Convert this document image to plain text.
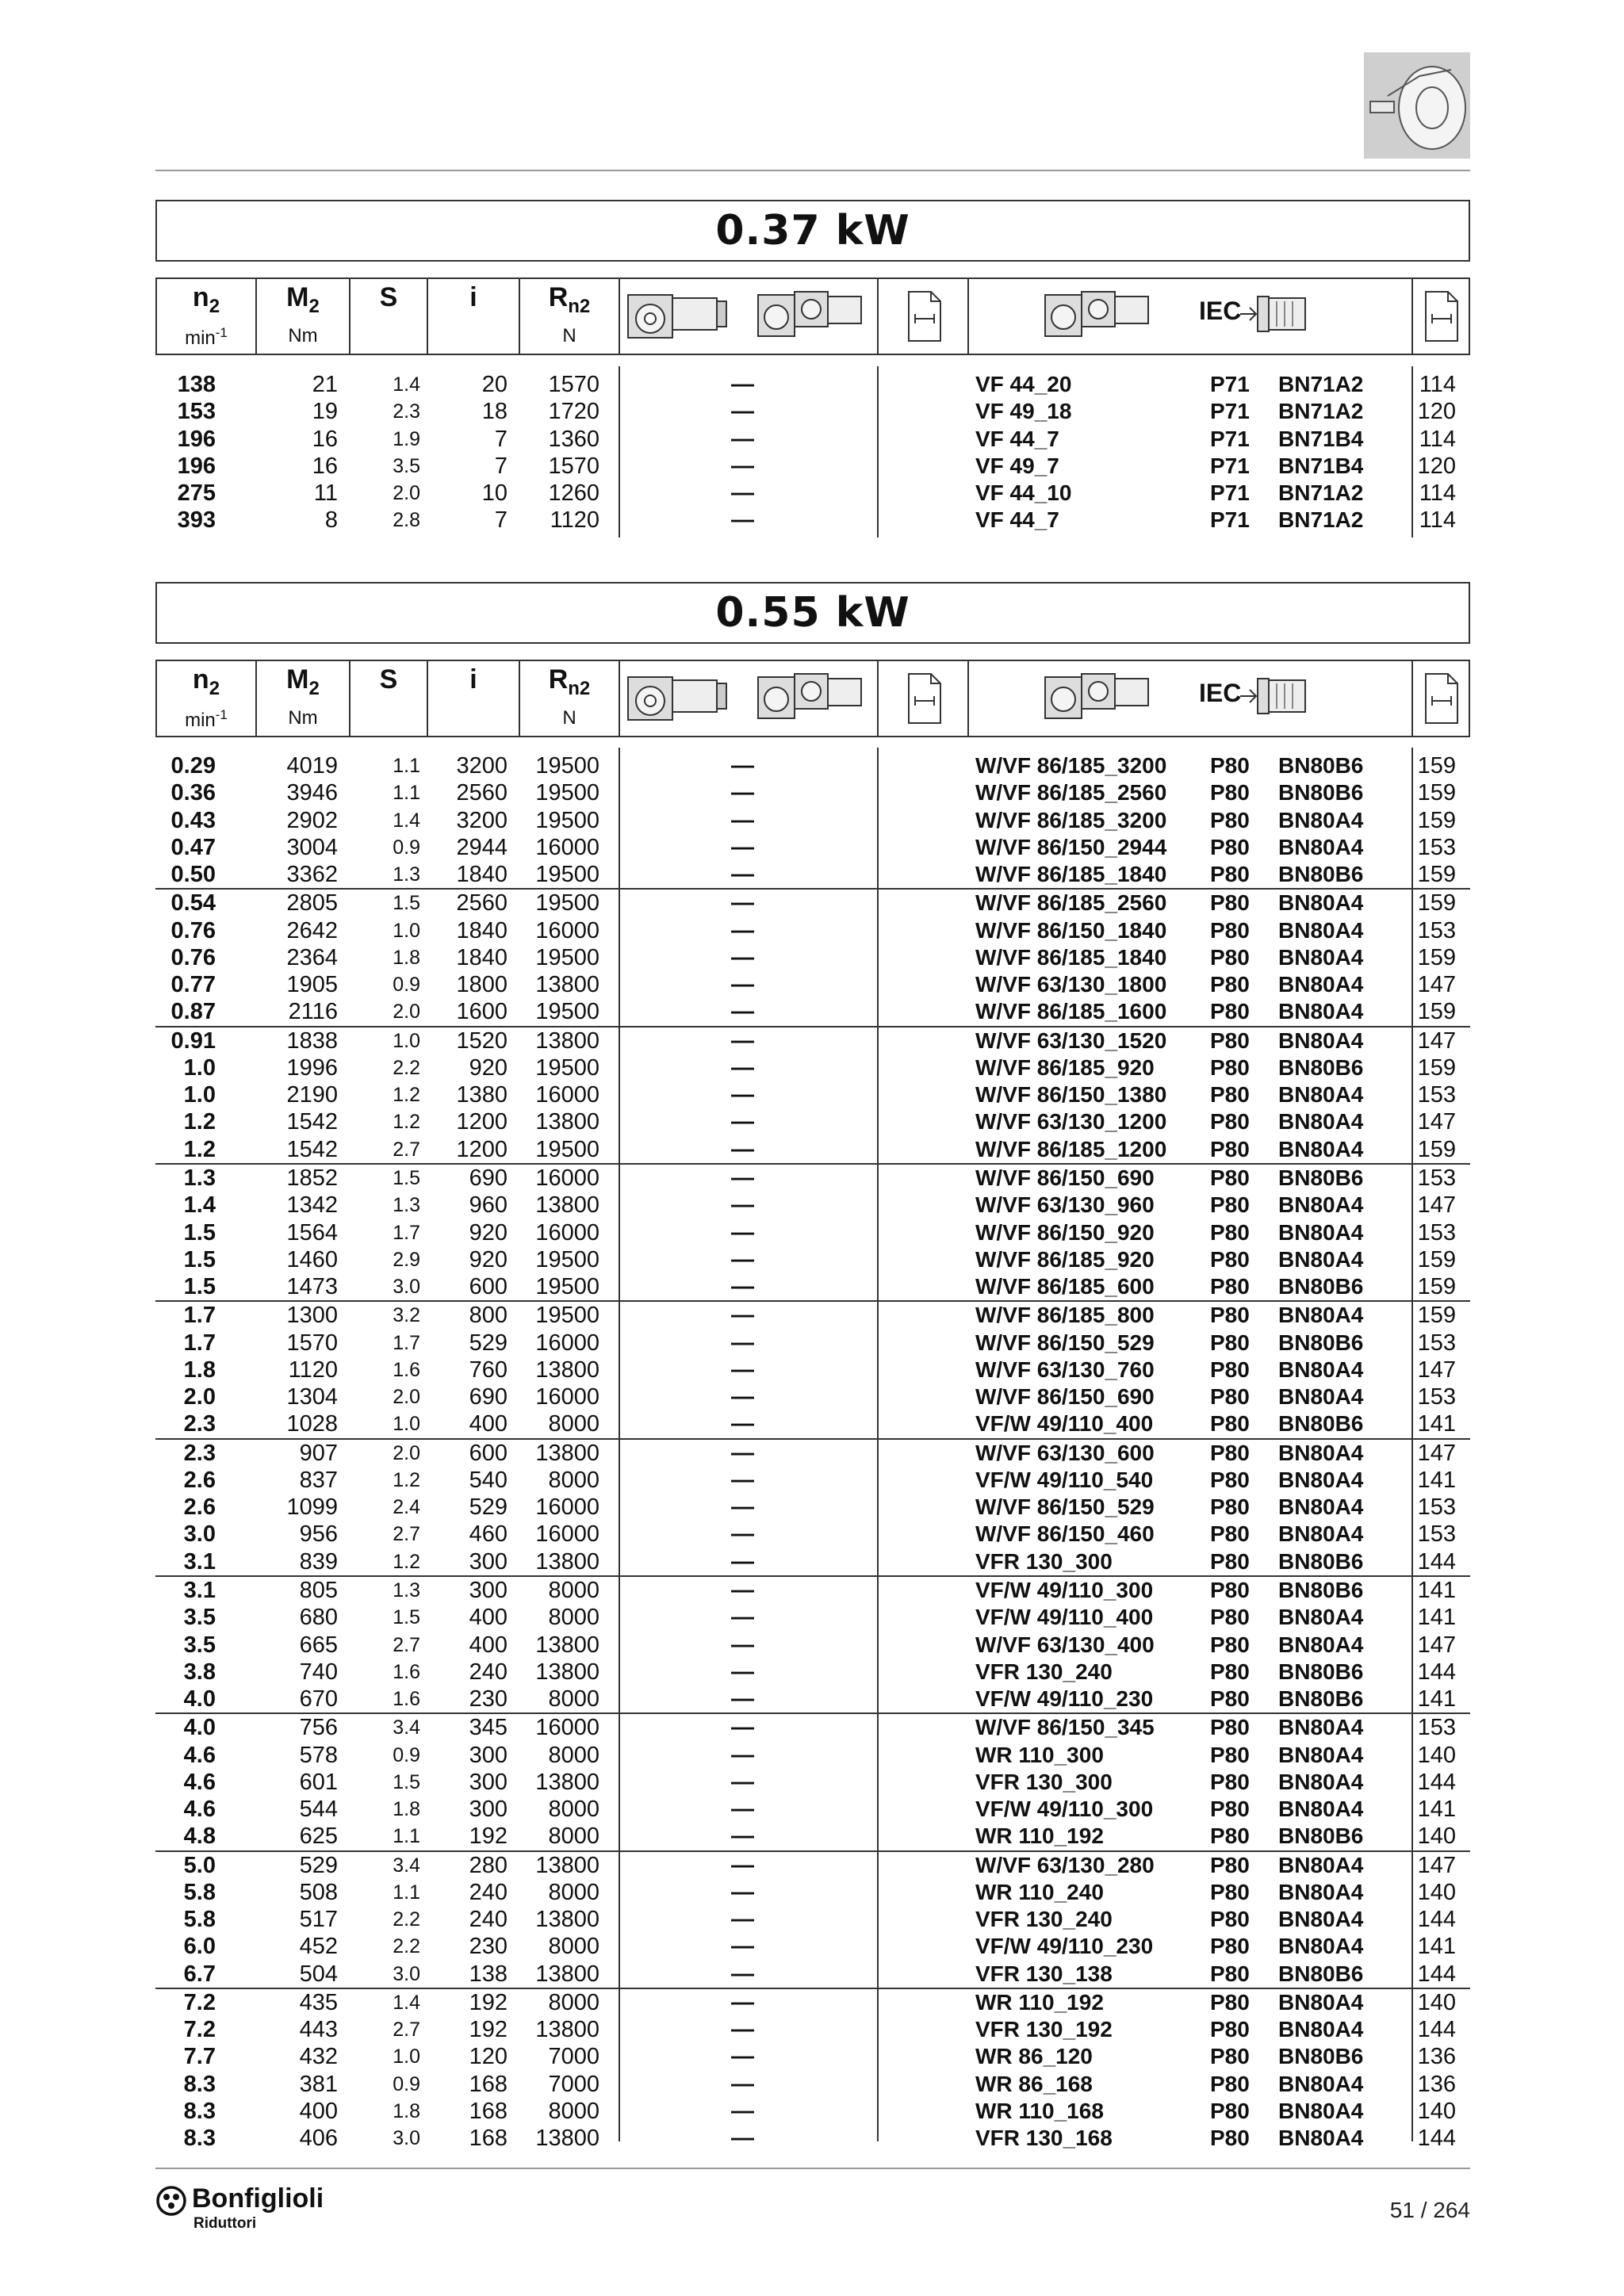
0.37 kW
$n_2$
$\min^{-1}$
$M_2$
Nm
S	i	$R_{n2}$
N
IEC
138	21	1.4	20 1570	—	VF 44_20	P71 BN71A2 114
153	19	2.3	18 1720	—	VF 49_18	P71 BN71A2 120
196	16	1.9	7 1360	—	VF 44_7	P71 BN71B4 114
196	16	3.5	7 1570	—	VF 49_7	P71 BN71B4 120
275	11	2.0	10 1260	—	VF 44_10	P71 BN71A2 114
393	8	2.8	7 1120	—	VF 44_7	P71 BN71A2 114
0.55 kW
$n_2$
$\min^{-1}$
$M_2$
Nm
S	i	$R_{n2}$
N
IEC
0.29	4019	1.1 3200 19500	—	W/VF 86/185_3200 P80 BN80B6 159
0.36	3946	1.1 2560 19500	—	W/VF 86/185_2560 P80 BN80B6 159
0.43	2902	1.4 3200 19500	—	W/VF 86/185_3200 P80 BN80A4 159
0.47	3004	0.9 2944 16000	—	W/VF 86/150_2944 P80 BN80A4 153
0.50	3362	1.3 1840 19500	—	W/VF 86/185_1840 P80 BN80B6 159
0.54	2805	1.5 2560 19500	—	W/VF 86/185_2560 P80 BN80A4 159
0.76	2642	1.0 1840 16000	—	W/VF 86/150_1840 P80 BN80A4 153
0.76	2364	1.8 1840 19500	—	W/VF 86/185_1840 P80 BN80A4 159
0.77	1905	0.9 1800 13800	—	W/VF 63/130_1800 P80 BN80A4 147
0.87	2116	2.0 1600 19500	—	W/VF 86/185_1600 P80 BN80A4 159
0.91	1838	1.0 1520 13800	—	W/VF 63/130_1520 P80 BN80A4 147
1.0	1996	2.2 920 19500	—	W/VF 86/185_920	P80 BN80B6 159
1.0	2190	1.2 1380 16000	—	W/VF 86/150_1380 P80 BN80A4 153
1.2	1542	1.2 1200 13800	—	W/VF 63/130_1200 P80 BN80A4 147
1.2	1542	2.7 1200 19500	—	W/VF 86/185_1200 P80 BN80A4 159
1.3	1852	1.5 690 16000	—	W/VF 86/150_690	P80 BN80B6 153
1.4	1342	1.3 960 13800	—	W/VF 63/130_960	P80 BN80A4 147
1.5	1564	1.7 920 16000	—	W/VF 86/150_920	P80 BN80A4 153
1.5	1460	2.9 920 19500	—	W/VF 86/185_920	P80 BN80A4 159
1.5	1473	3.0 600 19500	—	W/VF 86/185_600	P80 BN80B6 159
1.7	1300	3.2 800 19500	—	W/VF 86/185_800	P80 BN80A4 159
1.7	1570	1.7 529 16000	—	W/VF 86/150_529	P80 BN80B6 153
1.8	1120	1.6 760 13800	—	W/VF 63/130_760	P80 BN80A4 147
2.0	1304	2.0 690 16000	—	W/VF 86/150_690	P80 BN80A4 153
2.3	1028	1.0 400 8000	—	VF/W 49/110_400	P80 BN80B6 141
2.3	907	2.0 600 13800	—	W/VF 63/130_600	P80 BN80A4 147
2.6	837	1.2 540 8000	—	VF/W 49/110_540	P80 BN80A4 141
2.6	1099	2.4 529 16000	—	W/VF 86/150_529	P80 BN80A4 153
3.0	956	2.7 460 16000	—	W/VF 86/150_460	P80 BN80A4 153
3.1	839	1.2 300 13800	—	VFR 130_300	P80 BN80B6 144
3.1	805	1.3 300 8000	—	VF/W 49/110_300	P80 BN80B6 141
3.5	680	1.5 400 8000	—	VF/W 49/110_400	P80 BN80A4 141
3.5	665	2.7 400 13800	—	W/VF 63/130_400	P80 BN80A4 147
3.8	740	1.6 240 13800	—	VFR 130_240	P80 BN80B6 144
4.0	670	1.6 230 8000	—	VF/W 49/110_230	P80 BN80B6 141
4.0	756	3.4 345 16000	—	W/VF 86/150_345	P80 BN80A4 153
4.6	578	0.9 300 8000	—	WR 110_300	P80 BN80A4 140
4.6	601	1.5 300 13800	—	VFR 130_300	P80 BN80A4 144
4.6	544	1.8 300 8000	—	VF/W 49/110_300	P80 BN80A4 141
4.8	625	1.1 192 8000	—	WR 110_192	P80 BN80B6 140
5.0	529	3.4 280 13800	—	W/VF 63/130_280	P80 BN80A4 147
5.8	508	1.1 240 8000	—	WR 110_240	P80 BN80A4 140
5.8	517	2.2 240 13800	—	VFR 130_240	P80 BN80A4 144
6.0	452	2.2 230 8000	—	VF/W 49/110_230	P80 BN80A4 141
6.7	504	3.0 138 13800	—	VFR 130_138	P80 BN80B6 144
7.2	435	1.4 192 8000	—	WR 110_192	P80 BN80A4 140
7.2	443	2.7 192 13800	—	VFR 130_192	P80 BN80A4 144
7.7	432	1.0 120 7000	—	WR 86_120	P80 BN80B6 136
8.3	381	0.9 168 7000	—	WR 86_168	P80 BN80A4 136
8.3	400	1.8 168 8000	—	WR 110_168	P80 BN80A4 140
8.3	406	3.0 168 13800	—	VFR 130_168	P80 BN80A4 144
Bonfiglioli
Riduttori
51 / 264
